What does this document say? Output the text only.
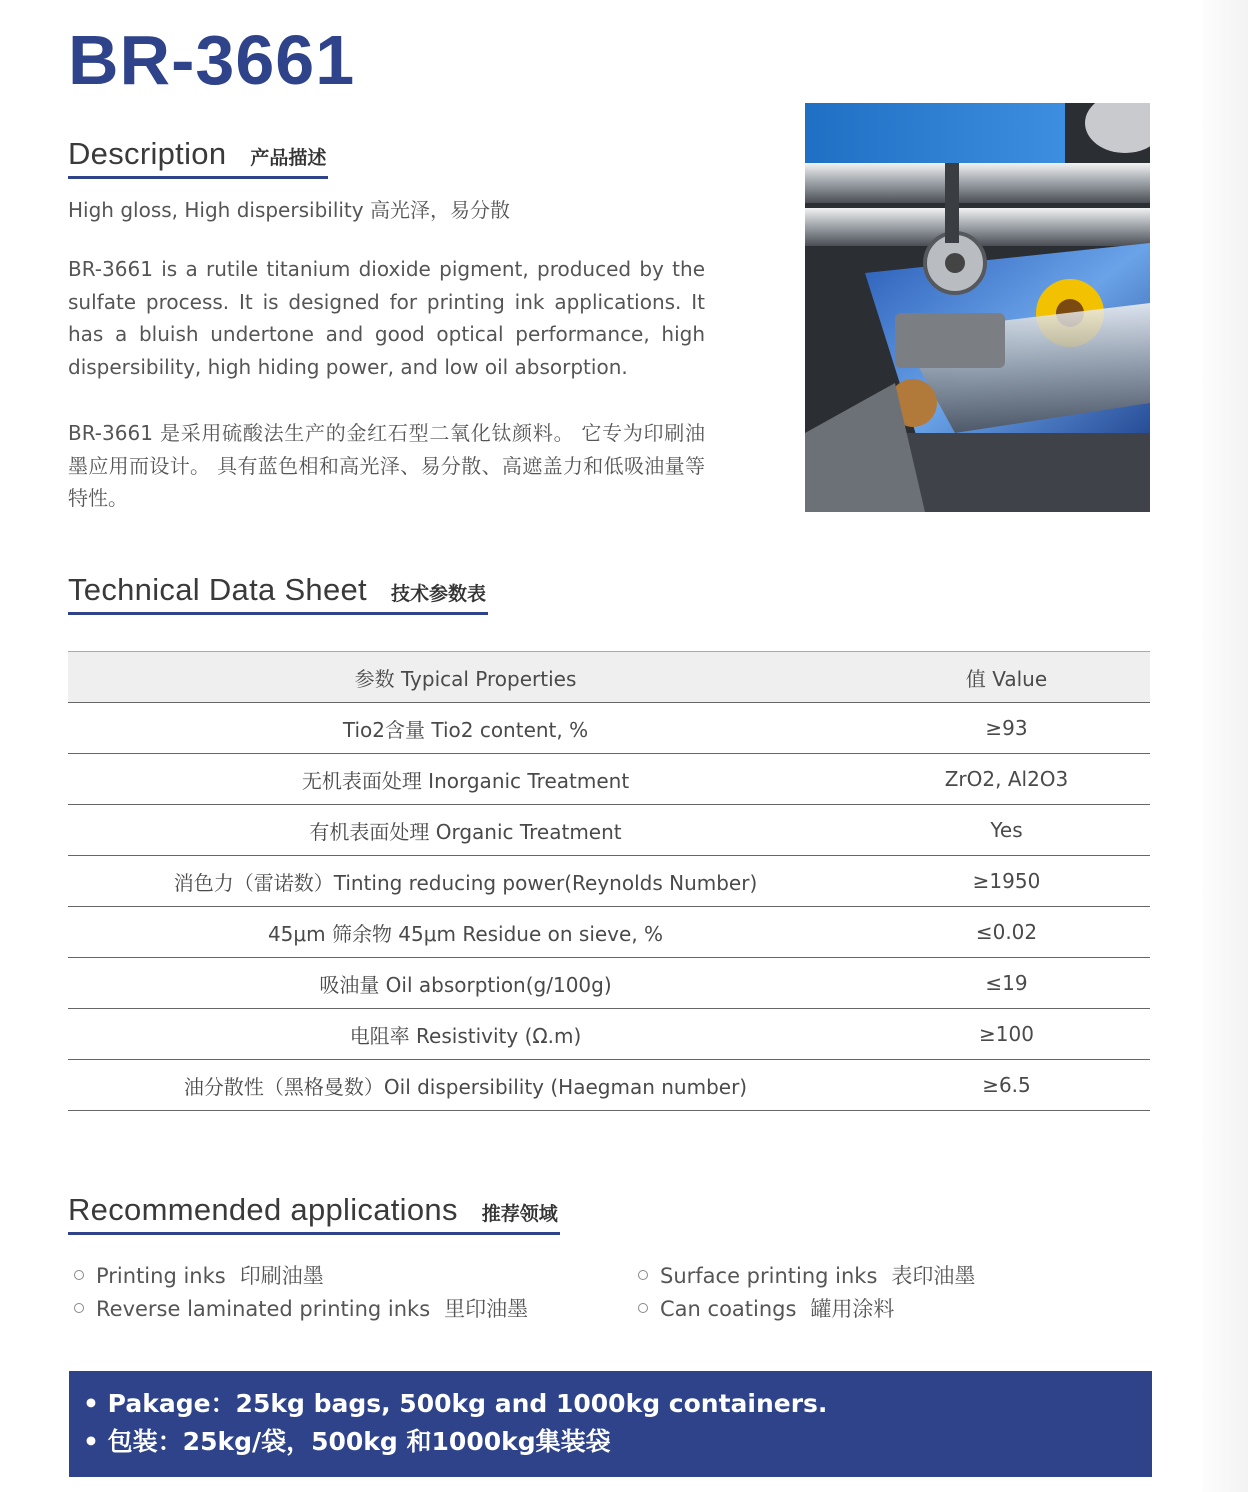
BR-3661
Description 产品描述

High gloss, High dispersibility 高光泽，易分散

BR-3661 is a rutile titanium dioxide pigment, produced by the sulfate process. It is designed for printing ink applications. It has a bluish undertone and good optical performance, high dispersibility, high hiding power, and low oil absorption.

BR-3661 是采用硫酸法生产的金红石型二氧化钛颜料。 它专为印刷油墨应用而设计。 具有蓝色相和高光泽、易分散、高遮盖力和低吸油量等特性。

Technical Data Sheet 技术参数表
参数 Typical Properties	值 Value
Tio2含量 Tio2 content, %	≥93
无机表面处理 Inorganic Treatment	ZrO2, Al2O3
有机表面处理 Organic Treatment	Yes
消色力（雷诺数）Tinting reducing power(Reynolds Number)	≥1950
45μm 筛余物 45μm Residue on sieve, %	≤0.02
吸油量 Oil absorption(g/100g)	≤19
电阻率 Resistivity (Ω.m)	≥100
油分散性（黑格曼数）Oil dispersibility (Haegman number)	≥6.5
Recommended applications 推荐领域
Printing inks 印刷油墨
Reverse laminated printing inks 里印油墨
Surface printing inks 表印油墨
Can coatings 罐用涂料
• Pakage：25kg bags, 500kg and 1000kg containers.
• 包装：25kg/袋，500kg 和1000kg集装袋
